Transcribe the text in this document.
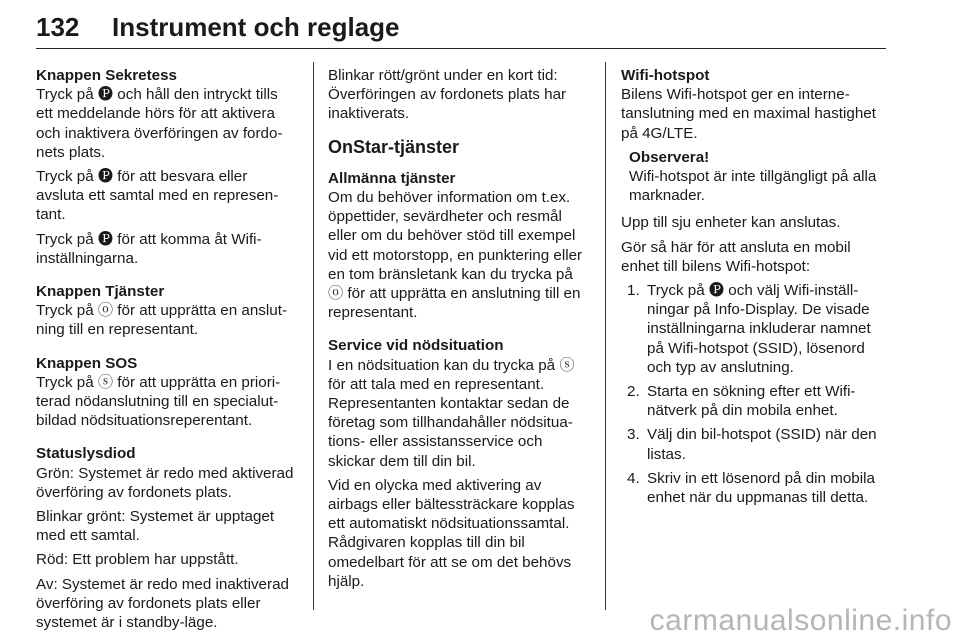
132 Instrument och reglage
Knappen Sekretess

Tryck på 🅟 och håll den intryckt tills ett meddelande hörs för att aktivera och inaktivera överföringen av fordonets plats.

Tryck på 🅟 för att besvara eller avsluta ett samtal med en representant.

Tryck på 🅟 för att komma åt Wifi-inställningarna.

Knappen Tjänster

Tryck på ⓞ för att upprätta en anslutning till en representant.

Knappen SOS

Tryck på ⓢ för att upprätta en prioriterad nödanslutning till en specialutbildad nödsituationsreperentant.

Statuslysdiod

Grön: Systemet är redo med aktiverad överföring av fordonets plats.

Blinkar grönt: Systemet är upptaget med ett samtal.

Röd: Ett problem har uppstått.

Av: Systemet är redo med inaktiverad överföring av fordonets plats eller systemet är i standby-läge.

Blinkar rött/grönt under en kort tid: Överföringen av fordonets plats har inaktiverats.

OnStar-tjänster
Allmänna tjänster

Om du behöver information om t.ex. öppettider, sevärdheter och resmål eller om du behöver stöd till exempel vid ett motorstopp, en punktering eller en tom bränsletank kan du trycka på ⓞ för att upprätta en anslutning till en representant.

Service vid nödsituation

I en nödsituation kan du trycka på ⓢ för att tala med en representant. Representanten kontaktar sedan de företag som tillhandahåller nödsituations- eller assistansservice och skickar dem till din bil.

Vid en olycka med aktivering av airbags eller bältessträckare kopplas ett automatiskt nödsituationssamtal. Rådgivaren kopplas till din bil omedelbart för att se om det behövs hjälp.

Wifi-hotspot

Bilens Wifi-hotspot ger en internetanslutning med en maximal hastighet på 4G/LTE.

Observera!
Wifi-hotspot är inte tillgängligt på alla marknader.

Upp till sju enheter kan anslutas.

Gör så här för att ansluta en mobil enhet till bilens Wifi-hotspot:

1. Tryck på 🅟 och välj Wifi-inställningar på Info-Display. De visade inställningarna inkluderar namnet på Wifi-hotspot (SSID), lösenord och typ av anslutning.
2. Starta en sökning efter ett Wifi-nätverk på din mobila enhet.
3. Välj din bil-hotspot (SSID) när den listas.
4. Skriv in ett lösenord på din mobila enhet när du uppmanas till detta.
carmanualsonline.info
